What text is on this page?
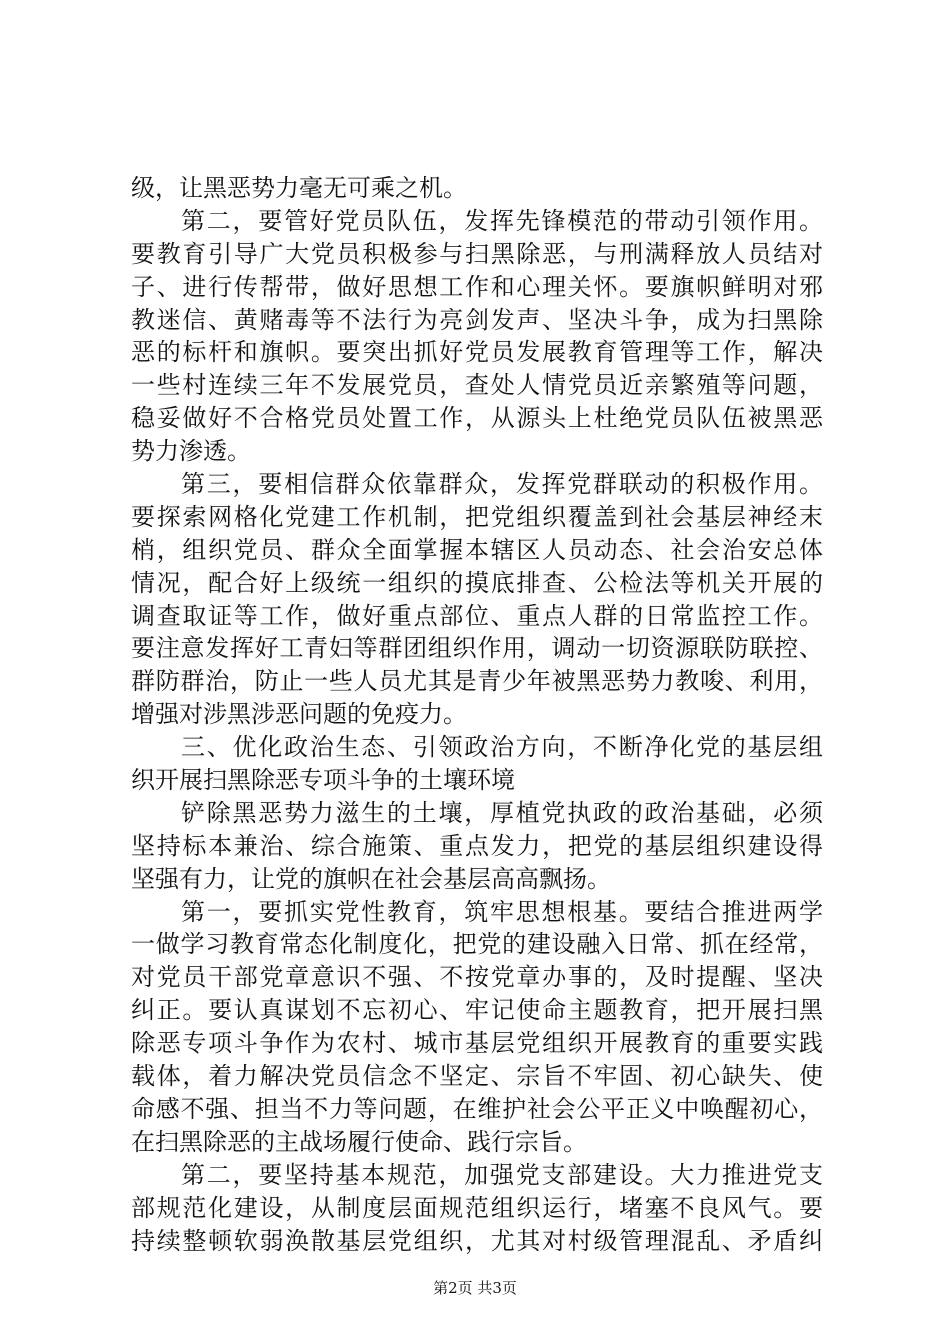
级，让黑恶势力毫无可乘之机。
第二，要管好党员队伍，发挥先锋模范的带动引领作用。
要教育引导广大党员积极参与扫黑除恶，与刑满释放人员结对
子、进行传帮带，做好思想工作和心理关怀。要旗帜鲜明对邪
教迷信、黄赌毒等不法行为亮剑发声、坚决斗争，成为扫黑除
恶的标杆和旗帜。要突出抓好党员发展教育管理等工作，解决
一些村连续三年不发展党员，查处人情党员近亲繁殖等问题，
稳妥做好不合格党员处置工作，从源头上杜绝党员队伍被黑恶
势力渗透。
第三，要相信群众依靠群众，发挥党群联动的积极作用。
要探索网格化党建工作机制，把党组织覆盖到社会基层神经末
梢，组织党员、群众全面掌握本辖区人员动态、社会治安总体
情况，配合好上级统一组织的摸底排查、公检法等机关开展的
调查取证等工作，做好重点部位、重点人群的日常监控工作。
要注意发挥好工青妇等群团组织作用，调动一切资源联防联控、
群防群治，防止一些人员尤其是青少年被黑恶势力教唆、利用，
增强对涉黑涉恶问题的免疫力。
三、优化政治生态、引领政治方向，不断净化党的基层组
织开展扫黑除恶专项斗争的土壤环境
铲除黑恶势力滋生的土壤，厚植党执政的政治基础，必须
坚持标本兼治、综合施策、重点发力，把党的基层组织建设得
坚强有力，让党的旗帜在社会基层高高飘扬。
第一，要抓实党性教育，筑牢思想根基。要结合推进两学
一做学习教育常态化制度化，把党的建设融入日常、抓在经常，
对党员干部党章意识不强、不按党章办事的，及时提醒、坚决
纠正。要认真谋划不忘初心、牢记使命主题教育，把开展扫黑
除恶专项斗争作为农村、城市基层党组织开展教育的重要实践
载体，着力解决党员信念不坚定、宗旨不牢固、初心缺失、使
命感不强、担当不力等问题，在维护社会公平正义中唤醒初心，
在扫黑除恶的主战场履行使命、践行宗旨。
第二，要坚持基本规范，加强党支部建设。大力推进党支
部规范化建设，从制度层面规范组织运行，堵塞不良风气。要
持续整顿软弱涣散基层党组织，尤其对村级管理混乱、矛盾纠
第2页 共3页
